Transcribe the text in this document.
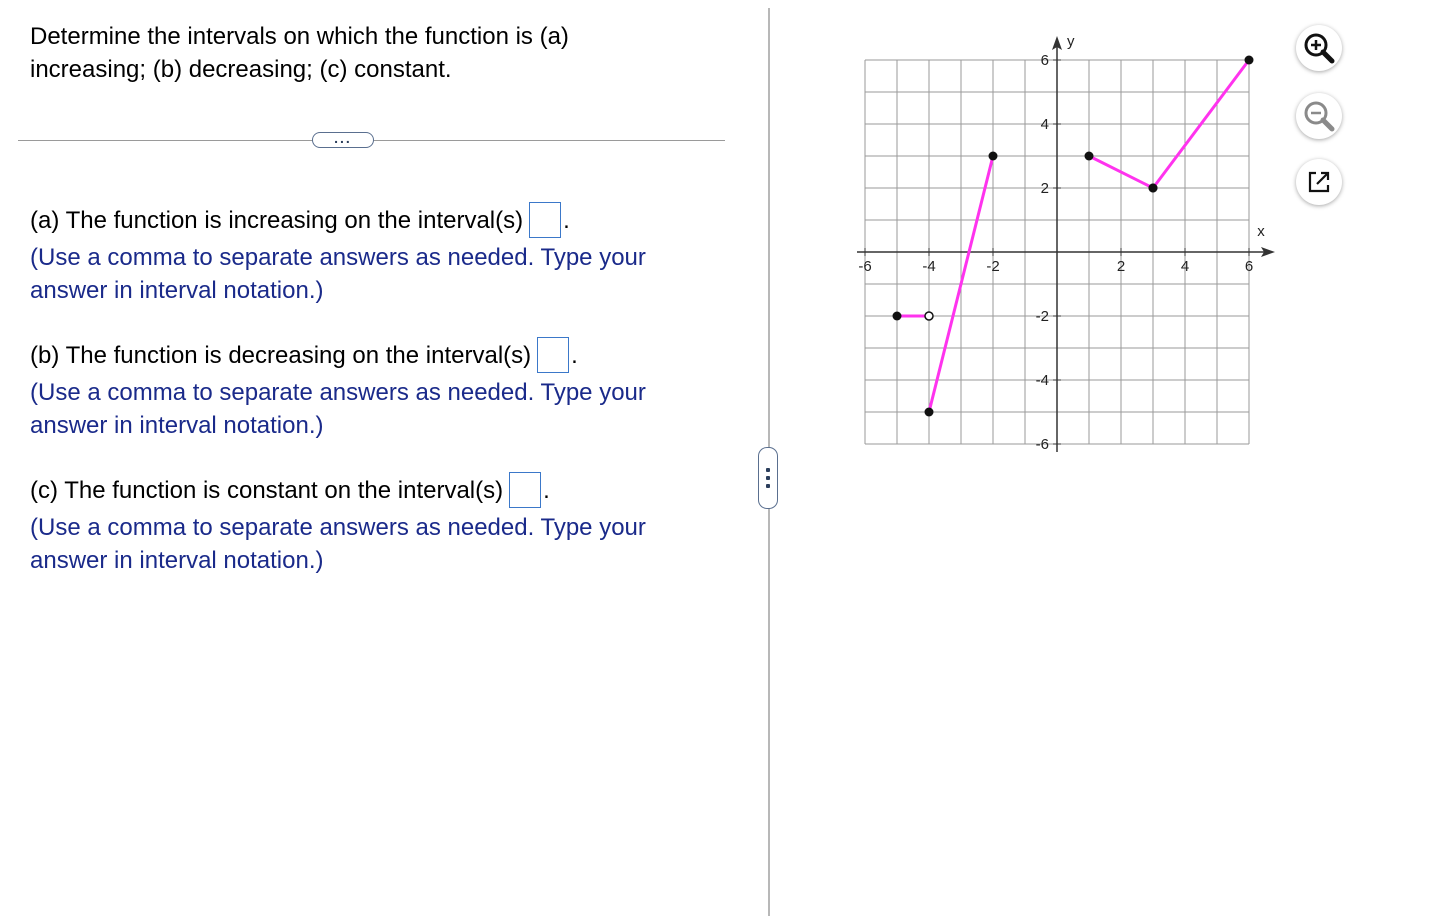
Determine the intervals on which the function is (a)
increasing; (b) decreasing; (c) constant.
...
(a) The function is increasing on the interval(s) .
(Use a comma to separate answers as needed. Type your
answer in interval notation.)
(b) The function is decreasing on the interval(s) .
(Use a comma to separate answers as needed. Type your
answer in interval notation.)
(c) The function is constant on the interval(s) .
(Use a comma to separate answers as needed. Type your
answer in interval notation.)
-6	-4	-2	2	4	6
6
4
2
-2
-4
-6
x
y
